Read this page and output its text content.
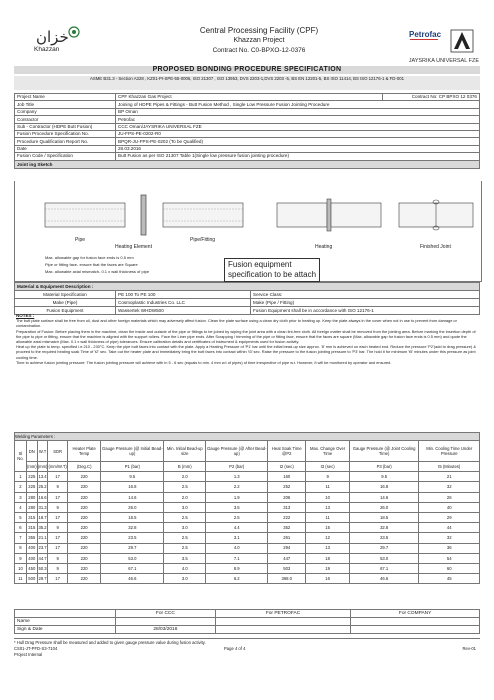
خزان
Khazzan
Central Processing Facility (CPF)
Khazzan Project
Contract No. C0-BPXO-12-0376
Petrofac
JAYSRIKA UNIVERSAL FZE
PROPOSED BONDING PROCEDURE SPECIFICATION
ASME B31.3 - Section A328 , KZ01-PI-SPE-55-0006, ISO 21307 , ISO 13953, DVS 2203-1,DVS 2203 -5, BS EN 12201-5, BS ISO 11414, BS ISO 12176-1 & FD-001
Project Name	CPF Khazzan Gas Project	Contract No: CP BPXO 12 0376
Job Title	Joining of HDPE Pipes & Fittings - Butt Fusion Method , Single Low Pressure Fusion Jointing Procedure	
Company	BP Oman	
Contractor	Petrofac	
Sub - Contractor (HDPE Butt Fusion)	CCC Oman/JAYSRIKA UNIVERSAL FZE	
Fusion Procedure Specification No.	JU-FPS-PE-0202-R0	
Procedure Qualification Report No.	BPQR-JU-FPS-PE-0202 (To be Qualified)	
Date	28.03.2016	
Fusion Code / Specification	Butt Fusion as per ISO 21307 Table 1(Single low pressure fusion jointing procedure)	
Joint ing Sketch		
Pipe
Heating Element
Pipe/Fitting
Heating	Finished Joint
Max. allowable gap for fusion face ends is 0.5 mm
Pipe or fitting face- ensure that the faces are Square
Max. allowable axial mismatch- 0.1 x wall thickness of pipe
Fusion equipment
specification to be attach
Material & Equipment Description :		
Material Specification	PE 100 To PE 100	Service Class:
Make (Pipe)	Cosmoplastic Industries Co. LLC	Make (Pipe / Fitting)
Fusion Equipment	Wassertek WHDW500	Fusion Equipment shall be in accordance with ISO 12176-1
NOTES :
The butt plate surface shall be free from oil, dust and other foreign materials which may adversely affect fusion. Clean the plate surface using a clean dry cloth prior to heating up. Keep the plate always in the cover when not in use to prevent from damage or contamination.
Preparation of Fusion: Before placing them in the machine, clean the inside and outside of the pipe or fittings to be joined by wiping the joint area with a clean lint-free cloth. All foreign matter shall be removed from the jointing area. Before marking the insertion depth of the pipe to pipe or fitting, ensure that the machine is aligned with the support rollers. Face the Liner pipe ends. After Scrapping / trimming of the pipe or fitting face, ensure that the faces are square (Max. allowable gap for fusion face ends is 0.5 mm) and quote the allowable axial mismatch (Max. 0.1 x wall thickness of pipe) tolerances. Ensure calibration details and certificates of instrument & equipments used for fusion activity.
Heat up the plate to temp. specified i.e.210 - 230°C. Keep the pipe butt faces into contact with the plate. Apply a Heating Pressure of 'P1' bar until the initial bead-up size approx. '8' mm is achieved on each heated end. Reduce the pressure 'P2'(add to drag pressure) & proceed to the required heating soak Time of 't2' sec. Take out the heater plate and immediately bring the butt faces into contact within 't3' sec. Raise the pressure to the fusion jointing pressure to 'P3' bar. The hold it for minimum 't5' minutes under this pressure as joint cooling time.
Time to achieve fusion jointing pressure: The fusion jointing pressure will achieve with in 5 - 6 sec (equals to min. 4 mm w.t of pipes) of time irrespective of pipe w.t. However, It will be monitored by operator and ensured.
Welding Parameters :											
Sl No.	DN	W.T	SDR	Heater Plate Temp	Gauge Pressure (@ Initial Bead-up)	Min. Initial Bead-up size	Gauge Pressure (@ After Bead-up)	Heat Soak Time @P2	Max. Change Over Time	Gauge Pressure (@ Joint Cooling Time)	Min. Cooling Time Under Pressure
	(mm)	(mm)	(mm/W.T)	(Deg.C)	P1 (bar)	B (mm)	P2 (bar)	t2 (sec)	t3 (sec)	P3 (bar)	t5 (Minutes)
1	225	13.4	17	220	9.5	2.0	1.3	160	9	9.5	21
2	225	25.2	9	220	16.8	2.5	2.2	252	11	16.8	32
3	280	16.6	17	220	14.6	2.0	1.9	206	10	14.6	26
4	280	31.3	9	220	26.0	3.0	3.5	313	13	26.0	40
5	315	18.7	17	220	18.5	2.5	2.5	222	11	18.5	29
6	315	35.2	9	220	32.8	3.0	4.4	352	15	32.8	44
7	355	21.1	17	220	23.5	2.5	3.1	261	12	23.5	32
8	400	23.7	17	220	29.7	2.5	4.0	294	13	29.7	36
9	400	44.7	9	220	53.0	3.5	7.1	447	18	53.0	54
10	450	50.3	9	220	67.1	4.0	8.9	503	19	67.1	60
11	500	29.7	17	220	46.6	3.0	6.2	368.0	16	46.6	45
	For CCC	For PETROFAC	For COMPANY
Name			
Sign & Date	28/03/2016		
* Hull Drag Pressure shall be measured and added to given gauge pressure value during fusion activity.
CS01-JT-PFD-S3-7104
Project Internal
Page 4 of 4	Rev-01
